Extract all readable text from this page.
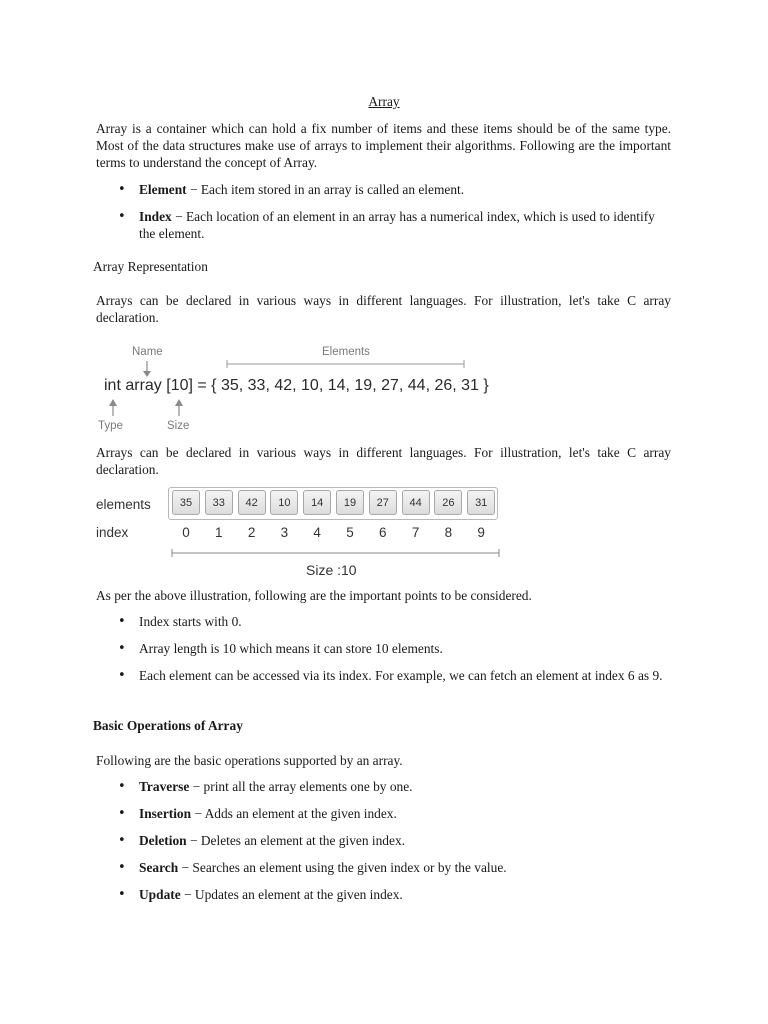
Array
Array is a container which can hold a fix number of items and these items should be of the same type. Most of the data structures make use of arrays to implement their algorithms. Following are the important terms to understand the concept of Array.
• Element − Each item stored in an array is called an element.
• Index − Each location of an element in an array has a numerical index, which is used to identify the element.
Array Representation
Arrays can be declared in various ways in different languages. For illustration, let's take C array declaration.
Name	Elements
int array [10] = { 35, 33, 42, 10, 14, 19, 27, 44, 26, 31 }
Type	Size
Arrays can be declared in various ways in different languages. For illustration, let's take C array declaration.
elements
index
35	33	42	10	14	19	27	44	26	31
0	1	2	3	4	5	6	7	8	9
Size :10
As per the above illustration, following are the important points to be considered.
• Index starts with 0.
• Array length is 10 which means it can store 10 elements.
• Each element can be accessed via its index. For example, we can fetch an element at index 6 as 9.
Basic Operations of Array
Following are the basic operations supported by an array.
• Traverse − print all the array elements one by one.
• Insertion − Adds an element at the given index.
• Deletion − Deletes an element at the given index.
• Search − Searches an element using the given index or by the value.
• Update − Updates an element at the given index.
